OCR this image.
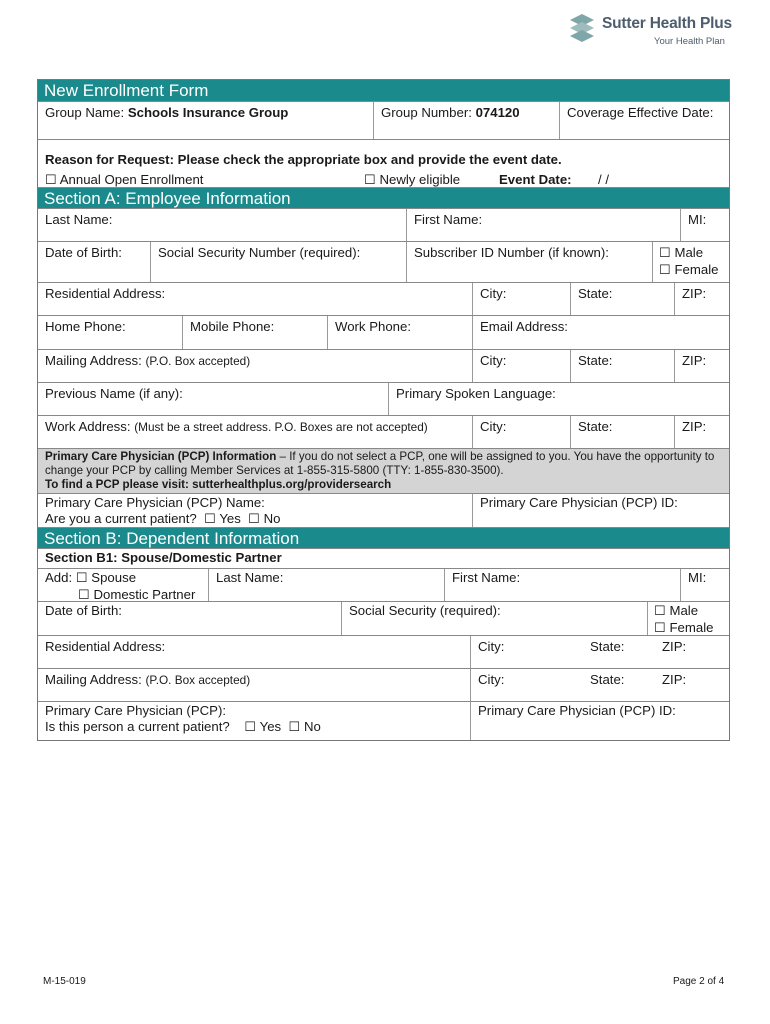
Sutter Health Plus
Your Health Plan
New Enrollment Form
Group Name: Schools Insurance Group	Group Number: 074120	Coverage Effective Date:
Reason for Request: Please check the appropriate box and provide the event date.
☐ Annual Open Enrollment	☐ Newly eligible	Event Date:	/ /
Section A: Employee Information
Last Name:	First Name:	MI:
Date of Birth:	Social Security Number (required):	Subscriber ID Number (if known):	☐ Male
☐ Female
Residential Address:	City:	State:	ZIP:
Home Phone:	Mobile Phone:	Work Phone:	Email Address:
Mailing Address: (P.O. Box accepted)	City:	State:	ZIP:
Previous Name (if any):	Primary Spoken Language:
Work Address: (Must be a street address. P.O. Boxes are not accepted)	City:	State:	ZIP:
Primary Care Physician (PCP) Information – If you do not select a PCP, one will be assigned to you. You have the opportunity to change your PCP by calling Member Services at 1-855-315-5800 (TTY: 1-855-830-3500).
To find a PCP please visit: sutterhealthplus.org/providersearch
Primary Care Physician (PCP) Name:
Are you a current patient? ☐ Yes ☐ No
Primary Care Physician (PCP) ID:
Section B: Dependent Information
Section B1: Spouse/Domestic Partner
Add: ☐ Spouse
☐ Domestic Partner
Last Name:	First Name:	MI:
Date of Birth:	Social Security (required):	☐ Male
☐ Female
Residential Address:	City:	State:	ZIP:
Mailing Address: (P.O. Box accepted)	City:	State:	ZIP:
Primary Care Physician (PCP):
Is this person a current patient? ☐ Yes ☐ No
Primary Care Physician (PCP) ID:
M-15-019	Page 2 of 4
